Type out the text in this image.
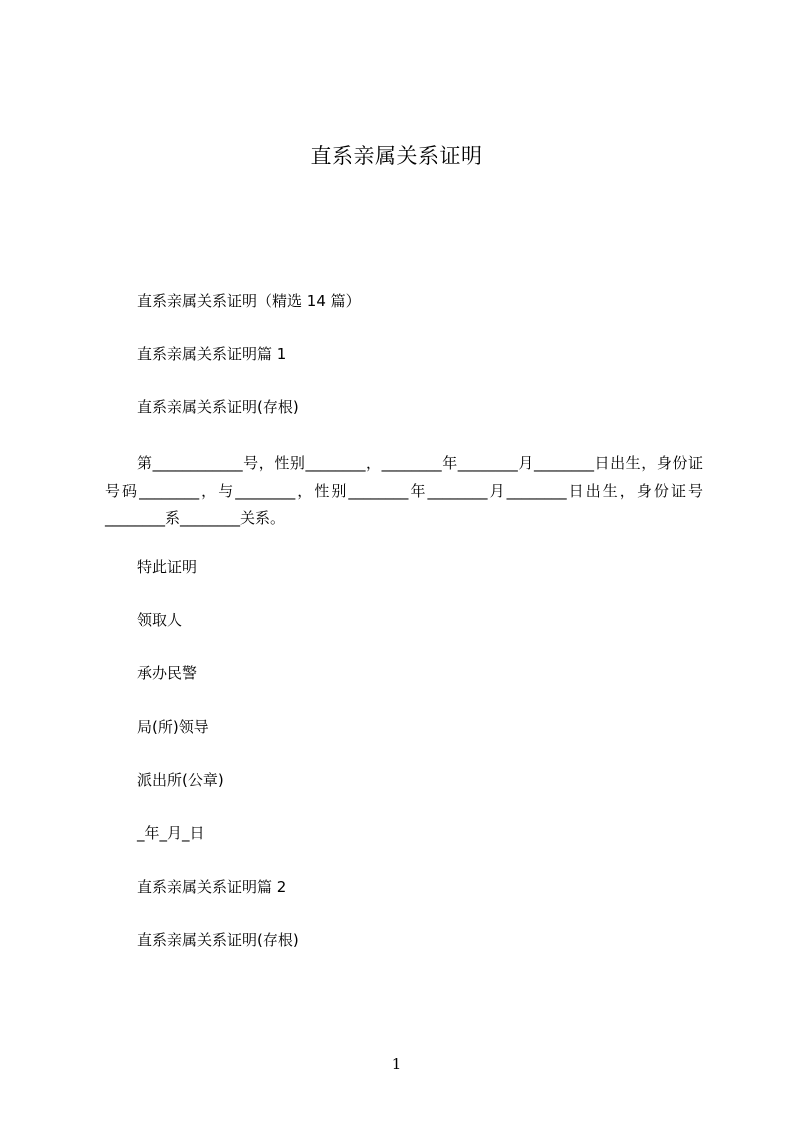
直系亲属关系证明

直系亲属关系证明（精选 14 篇）

直系亲属关系证明篇 1

直系亲属关系证明(存根)

第____________号，性别________，________年________月________日出生，身份证号码________，与________，性别________年________月________日出生，身份证号________系________关系。

特此证明

领取人

承办民警

局(所)领导

派出所(公章)

_年_月_日

直系亲属关系证明篇 2

直系亲属关系证明(存根)

1
